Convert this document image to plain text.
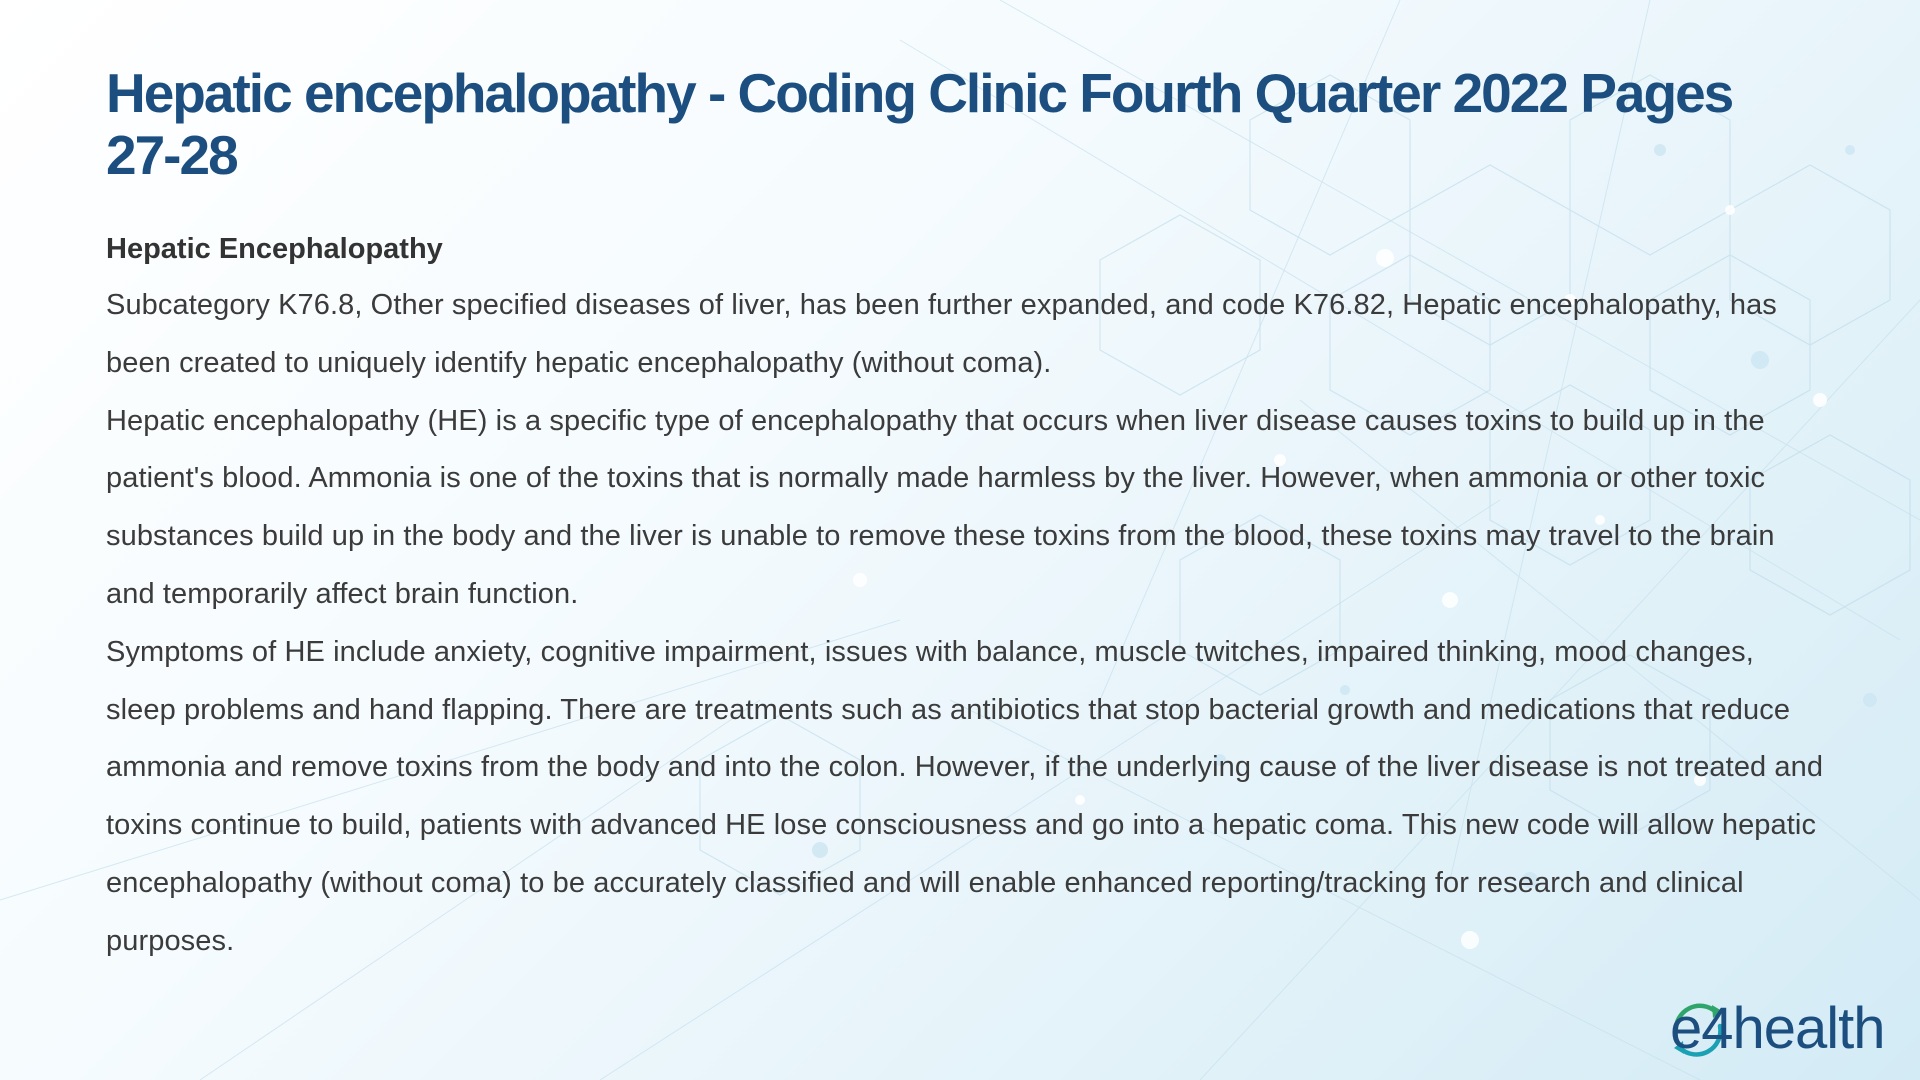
Hepatic encephalopathy - Coding Clinic Fourth Quarter 2022 Pages 27-28

Hepatic Encephalopathy

Subcategory K76.8, Other specified diseases of liver, has been further expanded, and code K76.82, Hepatic encephalopathy, has been created to uniquely identify hepatic encephalopathy (without coma).

Hepatic encephalopathy (HE) is a specific type of encephalopathy that occurs when liver disease causes toxins to build up in the patient's blood. Ammonia is one of the toxins that is normally made harmless by the liver. However, when ammonia or other toxic substances build up in the body and the liver is unable to remove these toxins from the blood, these toxins may travel to the brain and temporarily affect brain function.

Symptoms of HE include anxiety, cognitive impairment, issues with balance, muscle twitches, impaired thinking, mood changes, sleep problems and hand flapping. There are treatments such as antibiotics that stop bacterial growth and medications that reduce ammonia and remove toxins from the body and into the colon. However, if the underlying cause of the liver disease is not treated and toxins continue to build, patients with advanced HE lose consciousness and go into a hepatic coma. This new code will allow hepatic encephalopathy (without coma) to be accurately classified and will enable enhanced reporting/tracking for research and clinical purposes.

e4health
